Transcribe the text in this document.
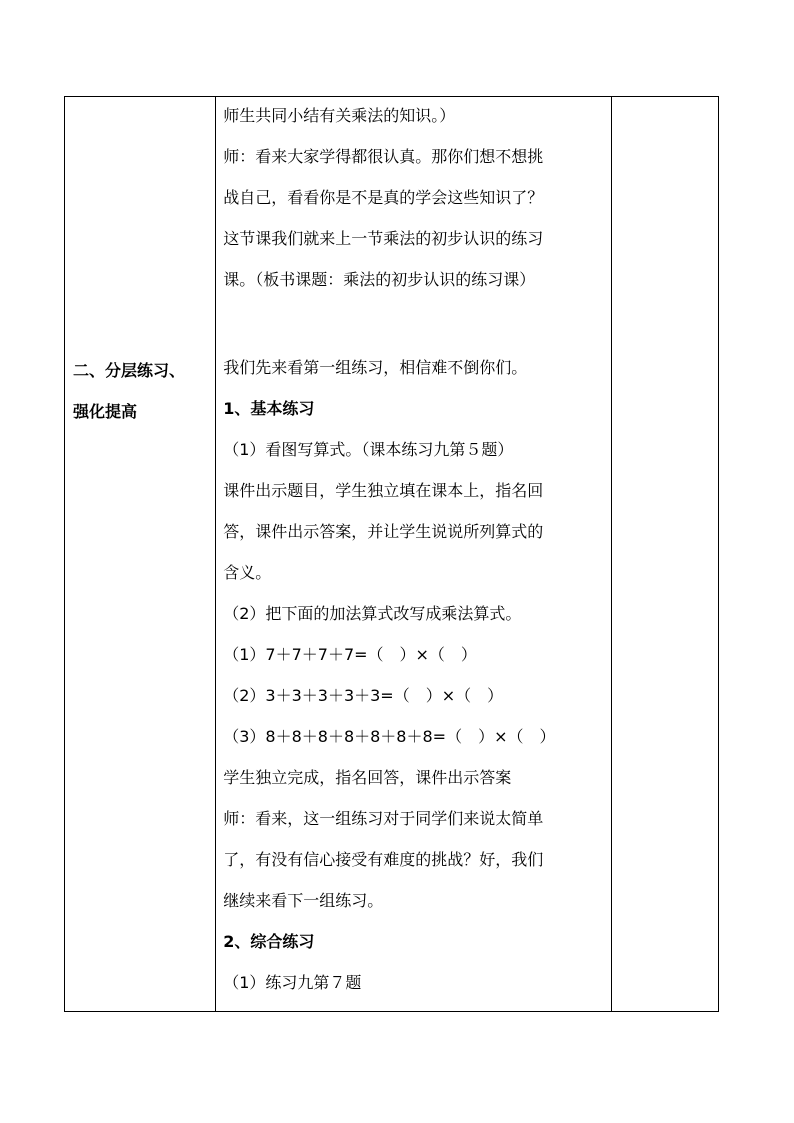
二、分层练习、
强化提高

师生共同小结有关乘法的知识。）

师：看来大家学得都很认真。那你们想不想挑

战自己，看看你是不是真的学会这些知识了？

这节课我们就来上一节乘法的初步认识的练习

课。（板书课题：乘法的初步认识的练习课）

我们先来看第一组练习，相信难不倒你们。

1、基本练习

（1）看图写算式。（课本练习九第５题）

课件出示题目，学生独立填在课本上，指名回

答，课件出示答案，并让学生说说所列算式的

含义。

（2）把下面的加法算式改写成乘法算式。

（1）7＋7＋7＋7=（　）×（　）

（2）3＋3＋3＋3＋3=（　）×（　）

（3）8＋8＋8＋8＋8＋8＋8=（　）×（　）

学生独立完成，指名回答，课件出示答案

师：看来，这一组练习对于同学们来说太简单

了，有没有信心接受有难度的挑战？好，我们

继续来看下一组练习。

2、综合练习

（1）练习九第７题
